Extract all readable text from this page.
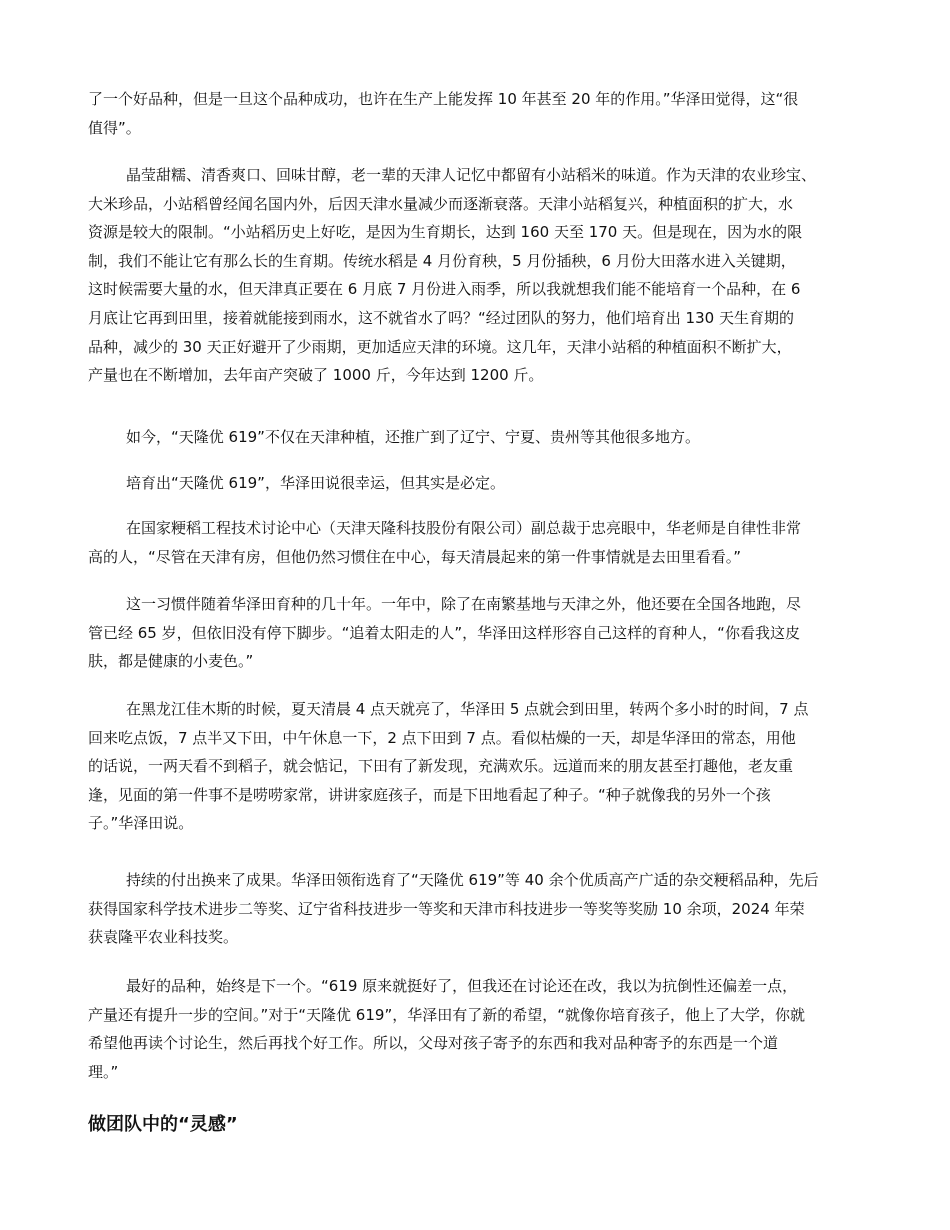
了一个好品种，但是一旦这个品种成功，也许在生产上能发挥 10 年甚至 20 年的作用。”华泽田觉得，这“很
值得”。

晶莹甜糯、清香爽口、回味甘醇，老一辈的天津人记忆中都留有小站稻米的味道。作为天津的农业珍宝、
大米珍品，小站稻曾经闻名国内外，后因天津水量减少而逐渐衰落。天津小站稻复兴，种植面积的扩大，水
资源是较大的限制。“小站稻历史上好吃，是因为生育期长，达到 160 天至 170 天。但是现在，因为水的限
制，我们不能让它有那么长的生育期。传统水稻是 4 月份育秧，5 月份插秧，6 月份大田落水进入关键期，
这时候需要大量的水，但天津真正要在 6 月底 7 月份进入雨季，所以我就想我们能不能培育一个品种，在 6
月底让它再到田里，接着就能接到雨水，这不就省水了吗？“经过团队的努力，他们培育出 130 天生育期的
品种，减少的 30 天正好避开了少雨期，更加适应天津的环境。这几年，天津小站稻的种植面积不断扩大，
产量也在不断增加，去年亩产突破了 1000 斤，今年达到 1200 斤。

如今，“天隆优 619”不仅在天津种植，还推广到了辽宁、宁夏、贵州等其他很多地方。

培育出“天隆优 619”，华泽田说很幸运，但其实是必定。

在国家粳稻工程技术讨论中心（天津天隆科技股份有限公司）副总裁于忠亮眼中，华老师是自律性非常
高的人，“尽管在天津有房，但他仍然习惯住在中心，每天清晨起来的第一件事情就是去田里看看。”

这一习惯伴随着华泽田育种的几十年。一年中，除了在南繁基地与天津之外，他还要在全国各地跑，尽
管已经 65 岁，但依旧没有停下脚步。“追着太阳走的人”，华泽田这样形容自己这样的育种人，“你看我这皮
肤，都是健康的小麦色。”

在黑龙江佳木斯的时候，夏天清晨 4 点天就亮了，华泽田 5 点就会到田里，转两个多小时的时间，7 点
回来吃点饭，7 点半又下田，中午休息一下，2 点下田到 7 点。看似枯燥的一天，却是华泽田的常态，用他
的话说，一两天看不到稻子，就会惦记，下田有了新发现，充满欢乐。远道而来的朋友甚至打趣他，老友重
逢，见面的第一件事不是唠唠家常，讲讲家庭孩子，而是下田地看起了种子。“种子就像我的另外一个孩
子。”华泽田说。

持续的付出换来了成果。华泽田领衔选育了“天隆优 619”等 40 余个优质高产广适的杂交粳稻品种，先后
获得国家科学技术进步二等奖、辽宁省科技进步一等奖和天津市科技进步一等奖等奖励 10 余项，2024 年荣
获袁隆平农业科技奖。

最好的品种，始终是下一个。“619 原来就挺好了，但我还在讨论还在改，我以为抗倒性还偏差一点，
产量还有提升一步的空间。”对于“天隆优 619”，华泽田有了新的希望，“就像你培育孩子，他上了大学，你就
希望他再读个讨论生，然后再找个好工作。所以，父母对孩子寄予的东西和我对品种寄予的东西是一个道
理。”

做团队中的“灵感”
